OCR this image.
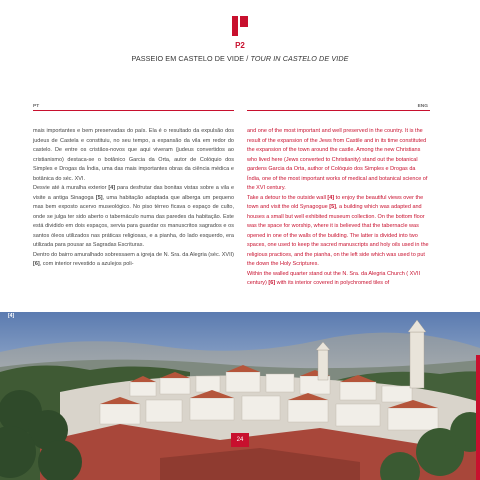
P2
PASSEIO EM CASTELO DE VIDE / TOUR IN CASTELO DE VIDE
PT	ENG

mais importantes e bem preservadas do país. Ela é o resultado da expulsão dos judeus de Castela e constituiu, no seu tempo, a expansão da vila em redor do castelo. De entre os cristãos-novos que aqui viveram (judeus convertidos ao cristianismo) destaca-se o botânico Garcia da Orta, autor de Colóquio dos Simples e Drogas da Índia, uma das mais importantes obras da ciência médica e botânica do séc. XVI.

Desvie até à muralha exterior [4] para desfrutar das bonitas vistas sobre a vila e visite a antiga Sinagoga [5], uma habitação adaptada que alberga um pequeno mas bem exposto acervo museológico. No piso térreo ficava o espaço de culto, onde se julga ter sido aberto o tabernáculo numa das paredes da habitação. Este está dividido em dois espaços, servia para guardar os manuscritos sagrados e os santos óleos utilizados nas práticas religiosas, e a pianha, do lado esquerdo, era utilizada para pousar as Sagradas Escrituras.

Dentro do bairro amuralhado sobressaem a igreja de N. Sra. da Alegria (séc. XVII) [6], com interior revestido a azulejos poli-

and one of the most important and well preserved in the country. It is the result of the expansion of the Jews from Castile and in its time constituted the expansion of the town around the castle. Among the new Christians who lived here (Jews converted to Christianity) stand out the botanical gardens Garcia da Orta, author of Colóquio dos Simples e Drogas da Índia, one of the most important works of medical and botanical science of the XVI century.

Take a detour to the outside wall [4] to enjoy the beautiful views over the town and visit the old Synagogue [5], a building which was adapted and houses a small but well exhibited museum collection. On the bottom floor was the space for worship, where it is believed that the tabernacle was opened in one of the walls of the building. The latter is divided into two spaces, one used to keep the sacred manuscripts and holy oils used in the religious practices, and the pianha, on the left side which was used to put the down the Holy Scriptures.

Within the walled quarter stand out the N. Sra. da Alegria Church ( XVII century) [6] with its interior covered in polychromed tiles of

[4]
24
